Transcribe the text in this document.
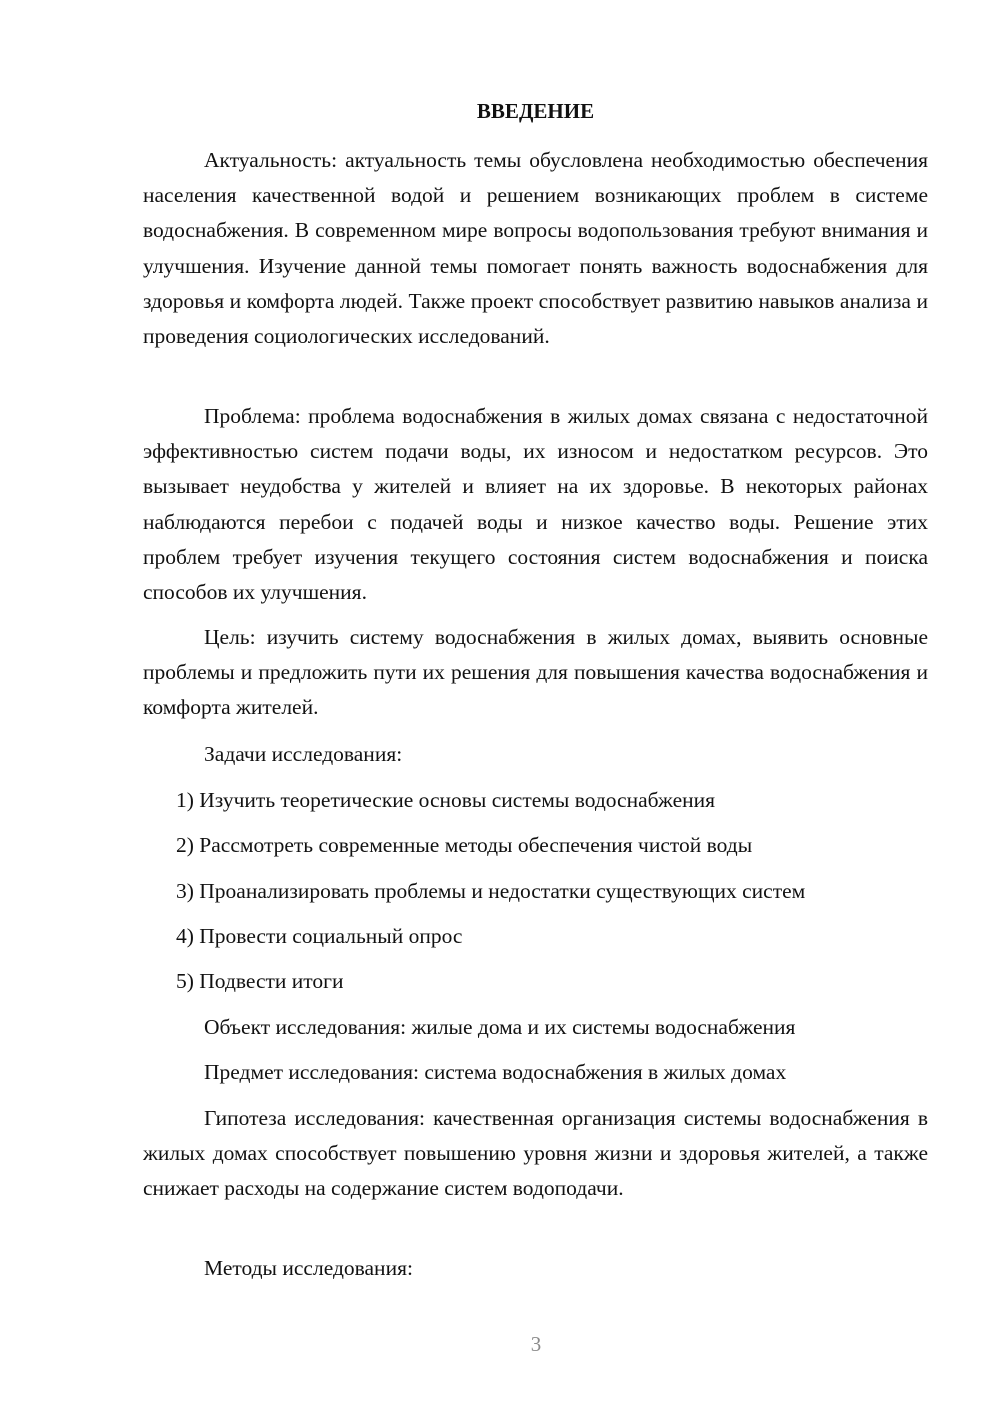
ВВЕДЕНИЕ

Актуальность: актуальность темы обусловлена необходимостью обеспечения населения качественной водой и решением возникающих проблем в системе водоснабжения. В современном мире вопросы водопользования требуют внимания и улучшения. Изучение данной темы помогает понять важность водоснабжения для здоровья и комфорта людей. Также проект способствует развитию навыков анализа и проведения социологических исследований.

Проблема: проблема водоснабжения в жилых домах связана с недостаточной эффективностью систем подачи воды, их износом и недостатком ресурсов. Это вызывает неудобства у жителей и влияет на их здоровье. В некоторых районах наблюдаются перебои с подачей воды и низкое качество воды. Решение этих проблем требует изучения текущего состояния систем водоснабжения и поиска способов их улучшения.

Цель: изучить систему водоснабжения в жилых домах, выявить основные проблемы и предложить пути их решения для повышения качества водоснабжения и комфорта жителей.

Задачи исследования:

1) Изучить теоретические основы системы водоснабжения

2) Рассмотреть современные методы обеспечения чистой воды

3) Проанализировать проблемы и недостатки существующих систем

4) Провести социальный опрос

5) Подвести итоги

Объект исследования: жилые дома и их системы водоснабжения

Предмет исследования: система водоснабжения в жилых домах

Гипотеза исследования: качественная организация системы водоснабжения в жилых домах способствует повышению уровня жизни и здоровья жителей, а также снижает расходы на содержание систем водоподачи.

Методы исследования:

3
